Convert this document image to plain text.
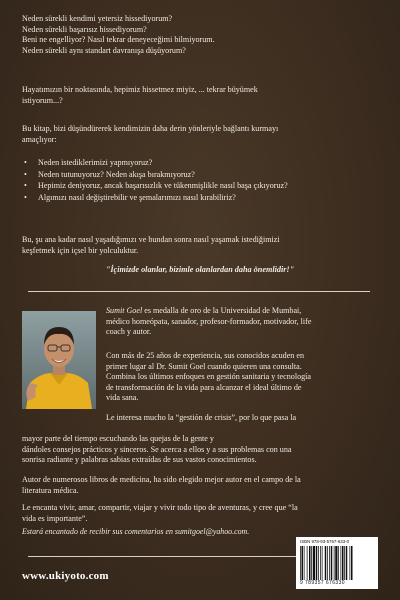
Neden sürekli kendimi yetersiz hissediyorum?
Neden sürekli başarısız hissediyorum?
Beni ne engelliyor? Nasıl tekrar deneyeceğimi bilmiyorum.
Neden sürekli aynı standart davranışa düşüyorum?
Hayatımızın bir noktasında, hepimiz hissetmez miyiz, ... tekrar büyümek
istiyorum...?
Bu kitap, bizi düşündürerek kendimizin daha derin yönleriyle bağlantı kurmayı
amaçlıyor:
• Neden istediklerimizi yapmıyoruz?
• Neden tutunuyoruz? Neden akışa bırakmıyoruz?
• Hepimiz deniyoruz, ancak başarısızlık ve tükenmişlikle nasıl başa çıkıyoruz?
• Algımızı nasıl değiştirebilir ve şemalarımızı nasıl kırabiliriz?
Bu, şu ana kadar nasıl yaşadığımızı ve bundan sonra nasıl yaşamak istediğimizi
keşfetmek için içsel bir yolculuktur.
"İçimizde olanlar, bizimle olanlardan daha önemlidir!"
Sumit Goel es medalla de oro de la Universidad de Mumbai,
médico homeópata, sanador, profesor-formador, motivador, life
coach y autor.
Con más de 25 años de experiencia, sus conocidos acuden en
primer lugar al Dr. Sumit Goel cuando quieren una consulta.
Combina los últimos enfoques en gestión sanitaria y tecnología
de transformación de la vida para alcanzar el ideal último de
vida sana.
Le interesa mucho la “gestión de crisis”, por lo que pasa la
mayor parte del tiempo escuchando las quejas de la gente y
dándoles consejos prácticos y sinceros. Se acerca a ellos y a sus problemas con una
sonrisa radiante y palabras sabias extraídas de sus vastos conocimientos.
Autor de numerosos libros de medicina, ha sido elegido mejor autor en el campo de la
literatura médica.
Le encanta vivir, amar, compartir, viajar y vivir todo tipo de aventuras, y cree que “la
vida es importante”.
Estará encantado de recibir sus comentarios en sumitgoel@yahoo.com.
www.ukiyoto.com
ISBN 978-93-5767-633-0
9 789357 676330
